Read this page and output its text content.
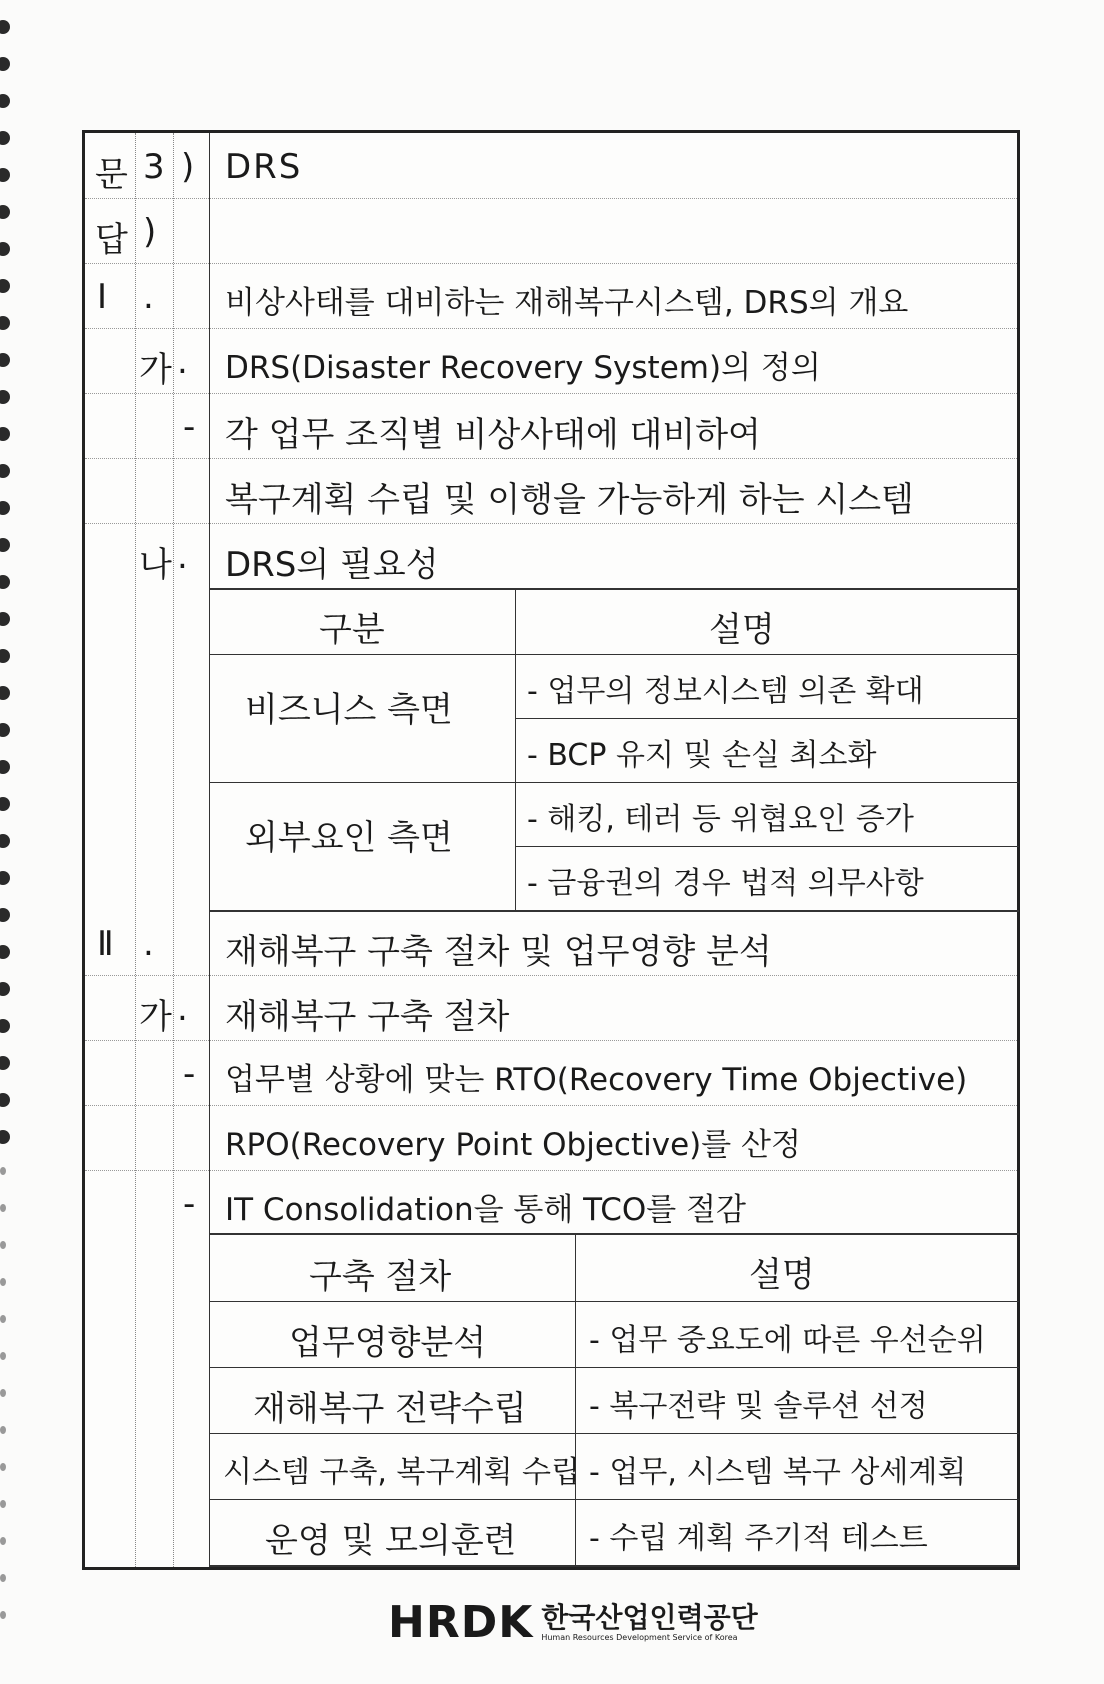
문 3 ) DRS
답 )
Ⅰ . 비상사태를 대비하는 재해복구시스템, DRS의 개요
가 . DRS(Disaster Recovery System)의 정의
- 각 업무 조직별 비상사태에 대비하여
복구계획 수립 및 이행을 가능하게 하는 시스템
나 . DRS의 필요성
구분	설명
비즈니스 측면 - 업무의 정보시스템 의존 확대
- BCP 유지 및 손실 최소화
외부요인 측면 - 해킹, 테러 등 위협요인 증가
- 금융권의 경우 법적 의무사항
Ⅱ . 재해복구 구축 절차 및 업무영향 분석
가 . 재해복구 구축 절차
- 업무별 상황에 맞는 RTO(Recovery Time Objective)
RPO(Recovery Point Objective)를 산정
- IT Consolidation을 통해 TCO를 절감
구축 절차	설명
업무영향분석	- 업무 중요도에 따른 우선순위
재해복구 전략수립 - 복구전략 및 솔루션 선정
시스템 구축, 복구계획 수립 - 업무, 시스템 복구 상세계획
운영 및 모의훈련 - 수립 계획 주기적 테스트
HRDK 한국산업인력공단
Human Resources Development Service of Korea
